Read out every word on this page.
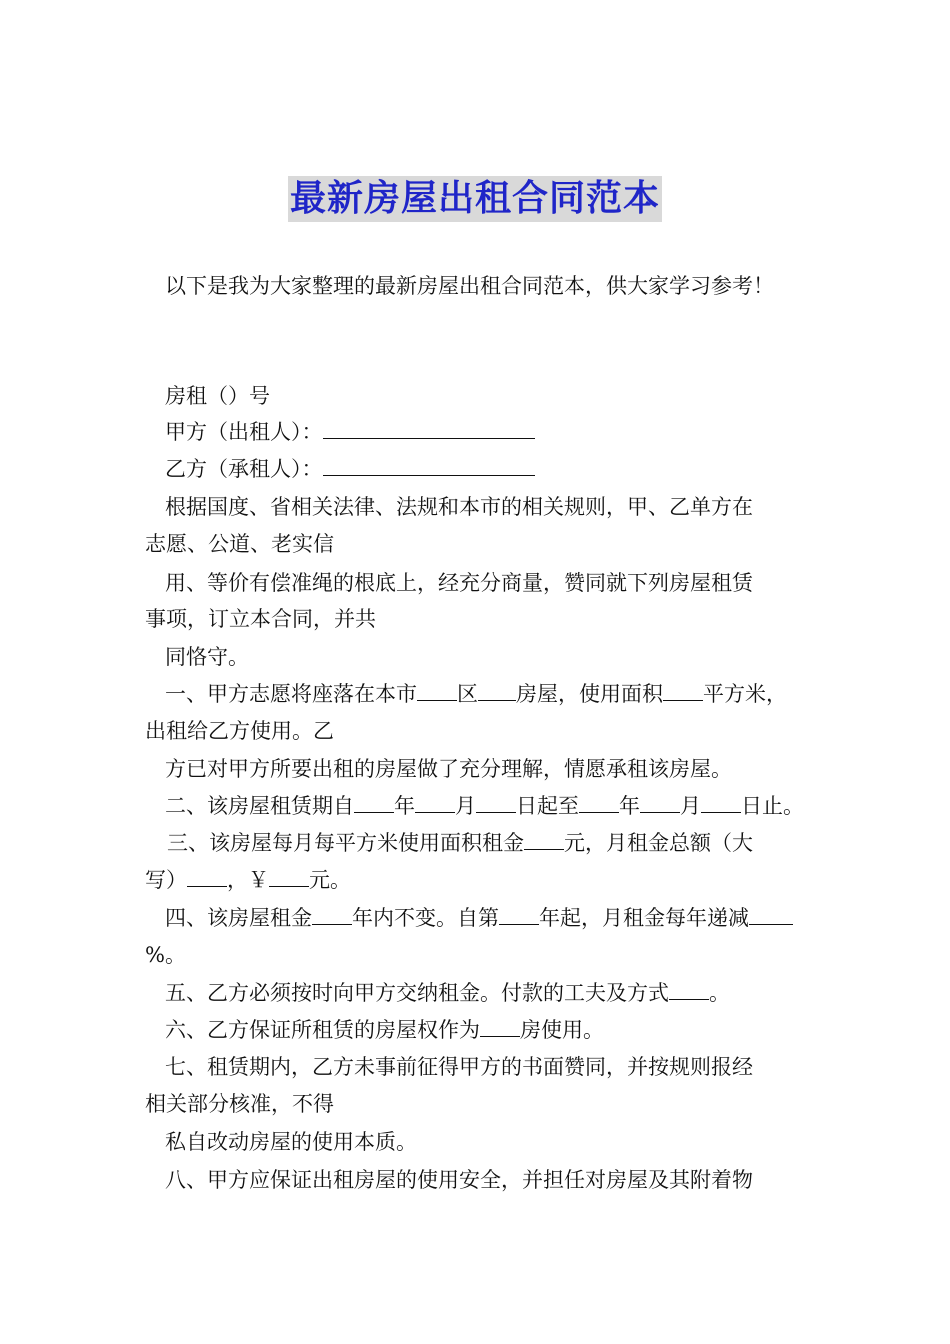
最新房屋出租合同范本
以下是我为大家整理的最新房屋出租合同范本，供大家学习参考！
房租（）号
甲方（出租人）：
乙方（承租人）：
根据国度、省相关法律、法规和本市的相关规则，甲、乙单方在
志愿、公道、老实信
用、等价有偿准绳的根底上，经充分商量，赞同就下列房屋租赁
事项，订立本合同，并共
同恪守。
一、甲方志愿将座落在本市 区 房屋，使用面积 平方米，
出租给乙方使用。乙
方已对甲方所要出租的房屋做了充分理解，情愿承租该房屋。
二、该房屋租赁期自 年 月 日起至 年 月 日止。
三、该房屋每月每平方米使用面积租金 元，月租金总额（大
写） ，￥ 元。
四、该房屋租金 年内不变。自第 年起，月租金每年递减
%。
五、乙方必须按时向甲方交纳租金。付款的工夫及方式 。
六、乙方保证所租赁的房屋权作为 房使用。
七、租赁期内，乙方未事前征得甲方的书面赞同，并按规则报经
相关部分核准，不得
私自改动房屋的使用本质。
八、甲方应保证出租房屋的使用安全，并担任对房屋及其附着物
